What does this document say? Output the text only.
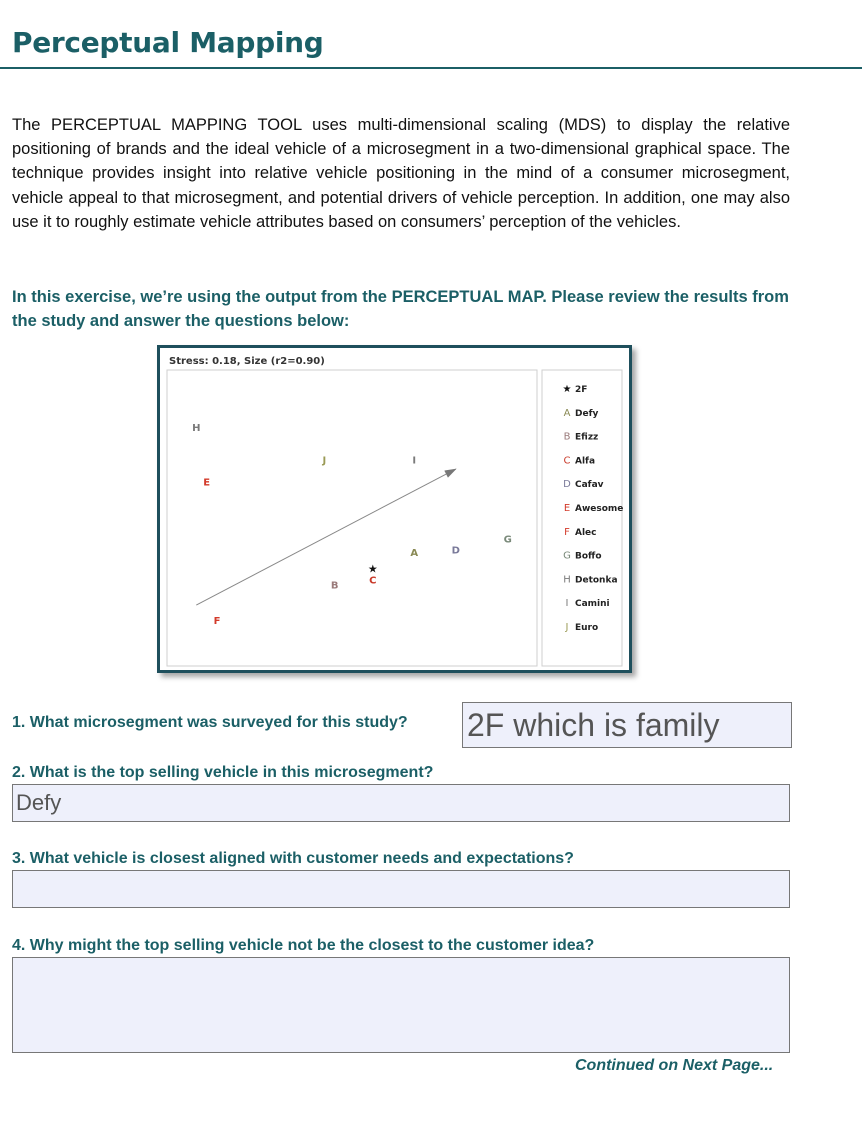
Perceptual Mapping
The PERCEPTUAL MAPPING TOOL uses multi-dimensional scaling (MDS) to display the relative positioning of brands and the ideal vehicle of a microsegment in a two-dimensional graphical space. The technique provides insight into relative vehicle positioning in the mind of a consumer microsegment, vehicle appeal to that microsegment, and potential drivers of vehicle perception. In addition, one may also use it to roughly estimate vehicle attributes based on consumers’ perception of the vehicles.
In this exercise, we’re using the output from the PERCEPTUAL MAP. Please review the results from the study and answer the questions below:
Stress: 0.18, Size (r2=0.90)
H
J	I
E
A	D
G
B	C
F
★
★ 2F
A Defy
B Efizz
C Alfa
D Cafav
E Awesome
F Alec
G Boffo
H Detonka
I Camini
J Euro
1. What microsegment was surveyed for this study? 2F which is family
2. What is the top selling vehicle in this microsegment?
Defy
3. What vehicle is closest aligned with customer needs and expectations?
4. Why might the top selling vehicle not be the closest to the customer idea?
Continued on Next Page...
